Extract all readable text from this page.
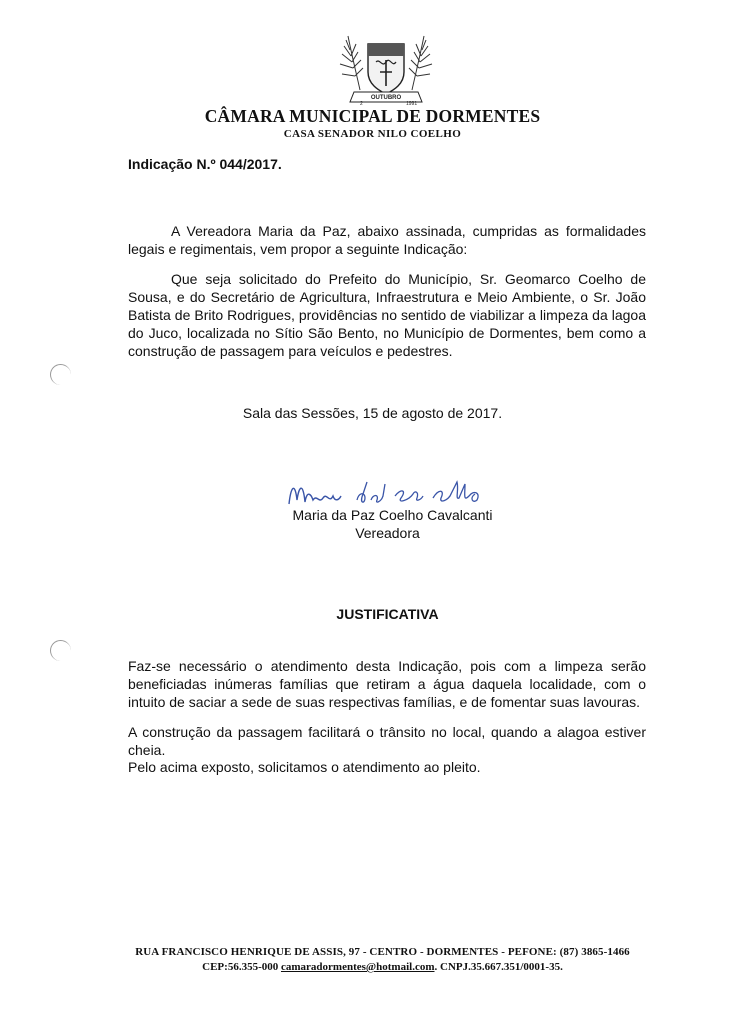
OUTUBRO
2	1991
CÂMARA MUNICIPAL DE DORMENTES
CASA SENADOR NILO COELHO
Indicação N.º 044/2017.
A Vereadora Maria da Paz, abaixo assinada, cumpridas as formalidades legais e regimentais, vem propor a seguinte Indicação:
Que seja solicitado do Prefeito do Município, Sr. Geomarco Coelho de Sousa, e do Secretário de Agricultura, Infraestrutura e Meio Ambiente, o Sr. João Batista de Brito Rodrigues, providências no sentido de viabilizar a limpeza da lagoa do Juco, localizada no Sítio São Bento, no Município de Dormentes, bem como a construção de passagem para veículos e pedestres.
Sala das Sessões, 15 de agosto de 2017.
Maria da Paz Coelho Cavalcanti
Vereadora
JUSTIFICATIVA
Faz-se necessário o atendimento desta Indicação, pois com a limpeza serão beneficiadas inúmeras famílias que retiram a água daquela localidade, com o intuito de saciar a sede de suas respectivas famílias, e de fomentar suas lavouras.
A construção da passagem facilitará o trânsito no local, quando a alagoa estiver cheia.
Pelo acima exposto, solicitamos o atendimento ao pleito.
RUA FRANCISCO HENRIQUE DE ASSIS, 97 - CENTRO - DORMENTES - PEFONE: (87) 3865-1466
CEP:56.355-000 camaradormentes@hotmail.com. CNPJ.35.667.351/0001-35.
